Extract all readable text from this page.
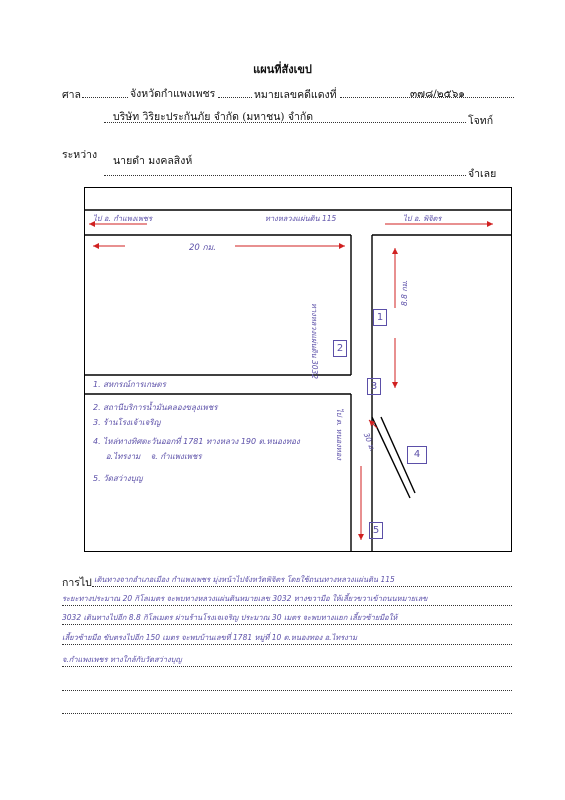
แผนที่สังเขป
ศาล	จังหวัดกำแพงเพชร	หมายเลขคดีแดงที่	๓๗๘/๒๕๖๑
บริษัท วิริยะประกันภัย จำกัด (มหาชน) จำกัด	โจทก์
ระหว่าง นายดำ มงคลสิงห์
จำเลย
ไป อ. กำแพงเพชร	ทางหลวงแผ่นดิน 115	ไป อ. พิจิตร
20 กม.
ทางหลวงแผ่นดิน 3032
8.8 กม.
ไป ต. หนองทอง 30 ม.
1
2
3
4
5
1. สหกรณ์การเกษตร
2. สถานีบริการน้ำมันคลองขลุงเพชร
3. ร้านโรงเจ้าเจริญ
4. ไหล่ทางทิศตะวันออกที่ 1781 ทางหลวง 190 ต.หนองทอง
อ.ไทรงาม    จ. กำแพงเพชร
5. วัดสว่างบุญ
การไป เดินทางจากอำเภอเมือง กำแพงเพชร มุ่งหน้าไปจังหวัดพิจิตร โดยใช้ถนนทางหลวงแผ่นดิน 115
ระยะทางประมาณ 20 กิโลเมตร จะพบทางหลวงแผ่นดินหมายเลข 3032 ทางขวามือ ให้เลี้ยวขวาเข้าถนนหมายเลข
3032 เดินทางไปอีก 8.8 กิโลเมตร ผ่านร้านโรงเจเจริญ ประมาณ 30 เมตร จะพบทางแยก เลี้ยวซ้ายมือให้
เลี้ยวซ้ายมือ ขับตรงไปอีก 150 เมตร จะพบบ้านเลขที่ 1781 หมู่ที่ 10 ต.หนองทอง อ.ไทรงาม
จ.กำแพงเพชร ทางใกล้กับวัดสว่างบุญ
